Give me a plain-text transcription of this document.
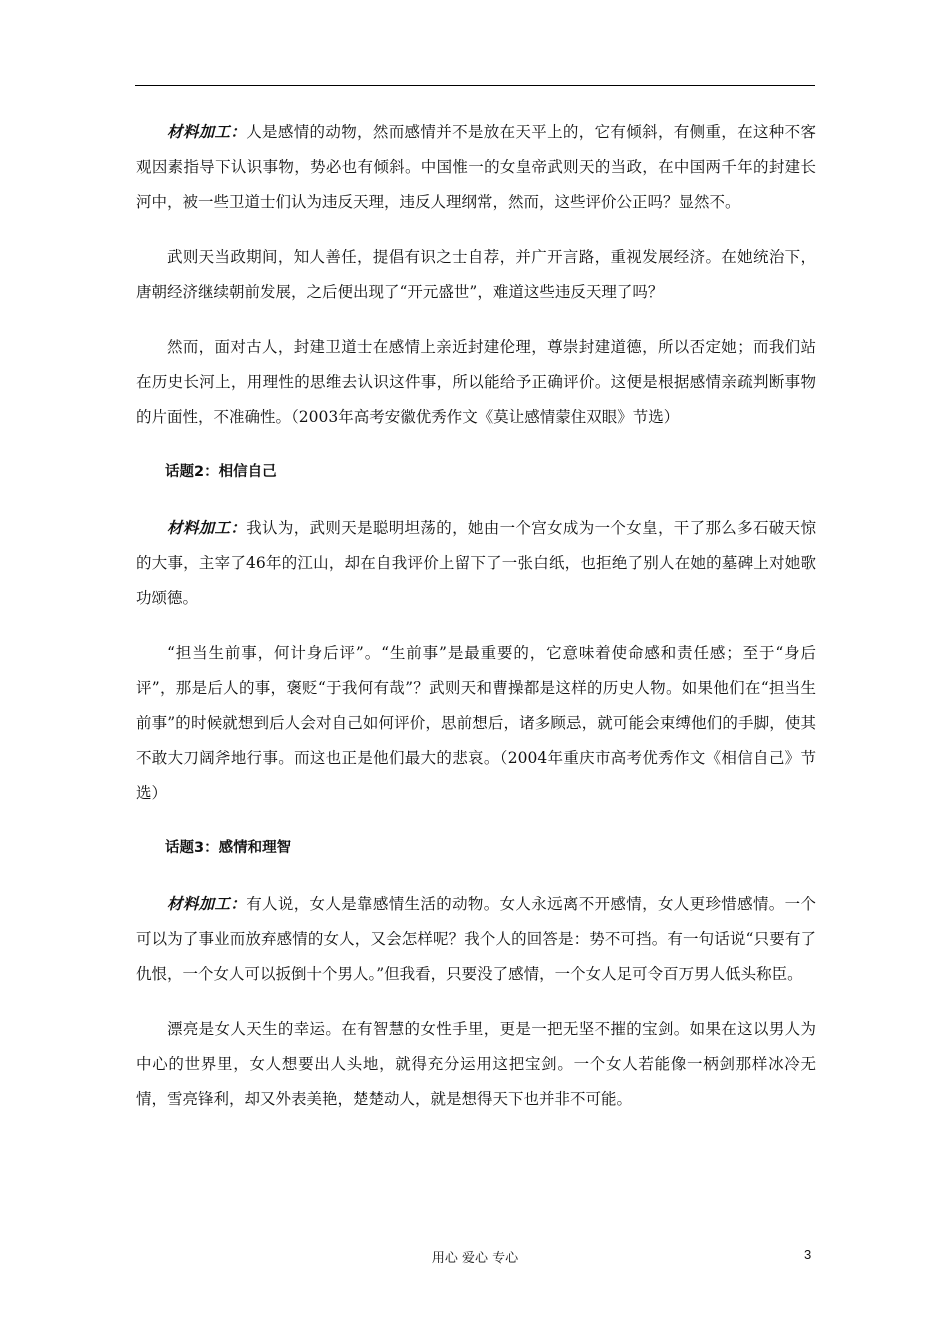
材料加工：人是感情的动物，然而感情并不是放在天平上的，它有倾斜，有侧重，在这种不客观因素指导下认识事物，势必也有倾斜。中国惟一的女皇帝武则天的当政，在中国两千年的封建长河中，被一些卫道士们认为违反天理，违反人理纲常，然而，这些评价公正吗？显然不。

武则天当政期间，知人善任，提倡有识之士自荐，并广开言路，重视发展经济。在她统治下，唐朝经济继续朝前发展，之后便出现了“开元盛世”，难道这些违反天理了吗？

然而，面对古人，封建卫道士在感情上亲近封建伦理，尊崇封建道德，所以否定她；而我们站在历史长河上，用理性的思维去认识这件事，所以能给予正确评价。这便是根据感情亲疏判断事物的片面性，不准确性。（2003年高考安徽优秀作文《莫让感情蒙住双眼》节选）

话题2：相信自己

材料加工：我认为，武则天是聪明坦荡的，她由一个宫女成为一个女皇，干了那么多石破天惊的大事，主宰了46年的江山，却在自我评价上留下了一张白纸，也拒绝了别人在她的墓碑上对她歌功颂德。

“担当生前事，何计身后评”。“生前事”是最重要的，它意味着使命感和责任感；至于“身后评”，那是后人的事，褒贬“于我何有哉”？武则天和曹操都是这样的历史人物。如果他们在“担当生前事”的时候就想到后人会对自己如何评价，思前想后，诸多顾忌，就可能会束缚他们的手脚，使其不敢大刀阔斧地行事。而这也正是他们最大的悲哀。（2004年重庆市高考优秀作文《相信自己》节选）

话题3：感情和理智

材料加工：有人说，女人是靠感情生活的动物。女人永远离不开感情，女人更珍惜感情。一个可以为了事业而放弃感情的女人，又会怎样呢？我个人的回答是：势不可挡。有一句话说“只要有了仇恨，一个女人可以扳倒十个男人。”但我看，只要没了感情，一个女人足可令百万男人低头称臣。

漂亮是女人天生的幸运。在有智慧的女性手里，更是一把无坚不摧的宝剑。如果在这以男人为中心的世界里，女人想要出人头地，就得充分运用这把宝剑。一个女人若能像一柄剑那样冰冷无情，雪亮锋利，却又外表美艳，楚楚动人，就是想得天下也并非不可能。

用心 爱心 专心	3
